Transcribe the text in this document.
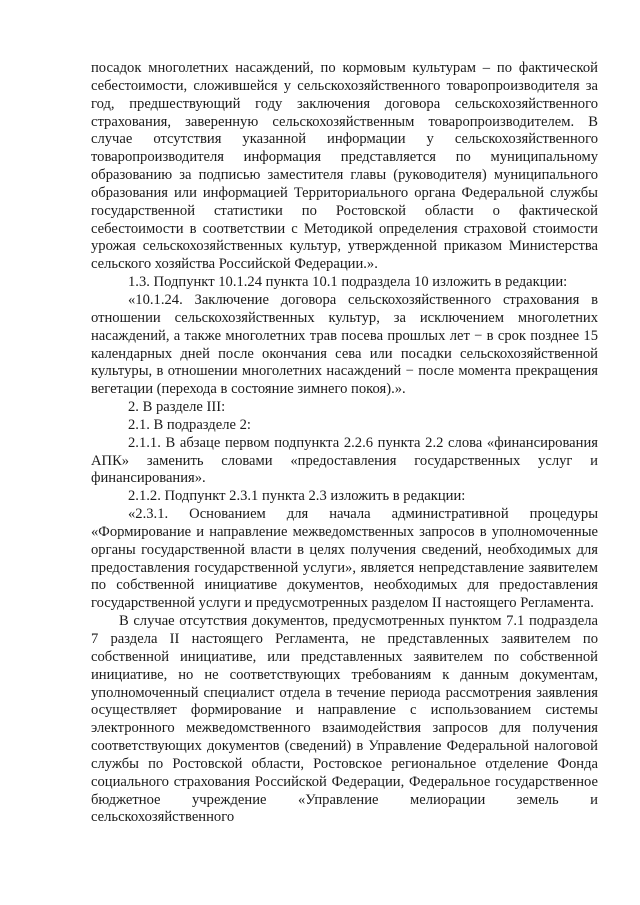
посадок многолетних насаждений, по кормовым культурам – по фактической себестоимости, сложившейся у сельскохозяйственного товаропроизводителя за год, предшествующий году заключения договора сельскохозяйственного страхования, заверенную сельскохозяйственным товаропроизводителем. В случае отсутствия указанной информации у сельскохозяйственного товаропроизводителя информация представляется по муниципальному образованию за подписью заместителя главы (руководителя) муниципального образования или информацией Территориального органа Федеральной службы государственной статистики по Ростовской области о фактической себестоимости в соответствии с Методикой определения страховой стоимости урожая сельскохозяйственных культур, утвержденной приказом Министерства сельского хозяйства Российской Федерации.».

1.3. Подпункт 10.1.24 пункта 10.1 подраздела 10 изложить в редакции:

«10.1.24. Заключение договора сельскохозяйственного страхования в отношении сельскохозяйственных культур, за исключением многолетних насаждений, а также многолетних трав посева прошлых лет − в срок позднее 15 календарных дней после окончания сева или посадки сельскохозяйственной культуры, в отношении многолетних насаждений − после момента прекращения вегетации (перехода в состояние зимнего покоя).».

2. В разделе III:

2.1. В подразделе 2:

2.1.1. В абзаце первом подпункта 2.2.6 пункта 2.2 слова «финансирования АПК» заменить словами «предоставления государственных услуг и финансирования».

2.1.2. Подпункт 2.3.1 пункта 2.3 изложить в редакции:

«2.3.1. Основанием для начала административной процедуры «Формирование и направление межведомственных запросов в уполномоченные органы государственной власти в целях получения сведений, необходимых для предоставления государственной услуги», является непредставление заявителем по собственной инициативе документов, необходимых для предоставления государственной услуги и предусмотренных разделом II настоящего Регламента.

В случае отсутствия документов, предусмотренных пунктом 7.1 подраздела 7 раздела II настоящего Регламента, не представленных заявителем по собственной инициативе, или представленных заявителем по собственной инициативе, но не соответствующих требованиям к данным документам, уполномоченный специалист отдела в течение периода рассмотрения заявления осуществляет формирование и направление с использованием системы электронного межведомственного взаимодействия запросов для получения соответствующих документов (сведений) в Управление Федеральной налоговой службы по Ростовской области, Ростовское региональное отделение Фонда социального страхования Российской Федерации, Федеральное государственное бюджетное учреждение «Управление мелиорации земель и сельскохозяйственного
